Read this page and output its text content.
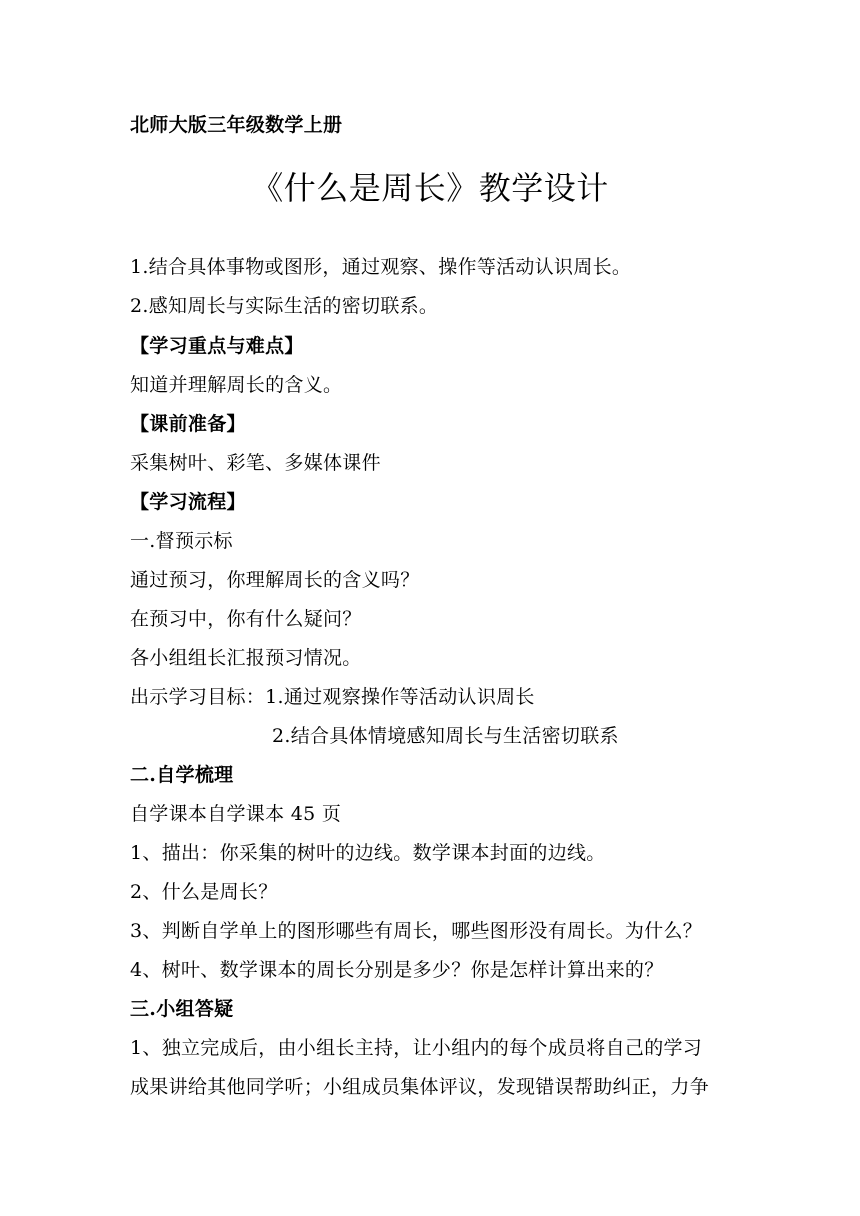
北师大版三年级数学上册
《什么是周长》教学设计
1.结合具体事物或图形，通过观察、操作等活动认识周长。
2.感知周长与实际生活的密切联系。
【学习重点与难点】
知道并理解周长的含义。
【课前准备】
采集树叶、彩笔、多媒体课件
【学习流程】
一.督预示标
通过预习，你理解周长的含义吗？
在预习中，你有什么疑问？
各小组组长汇报预习情况。
出示学习目标：1.通过观察操作等活动认识周长
2.结合具体情境感知周长与生活密切联系
二.自学梳理
自学课本自学课本 45 页
1、描出：你采集的树叶的边线。数学课本封面的边线。
2、什么是周长？
3、判断自学单上的图形哪些有周长，哪些图形没有周长。为什么？
4、树叶、数学课本的周长分别是多少？你是怎样计算出来的？
三.小组答疑
1、独立完成后，由小组长主持，让小组内的每个成员将自己的学习
成果讲给其他同学听；小组成员集体评议，发现错误帮助纠正，力争
